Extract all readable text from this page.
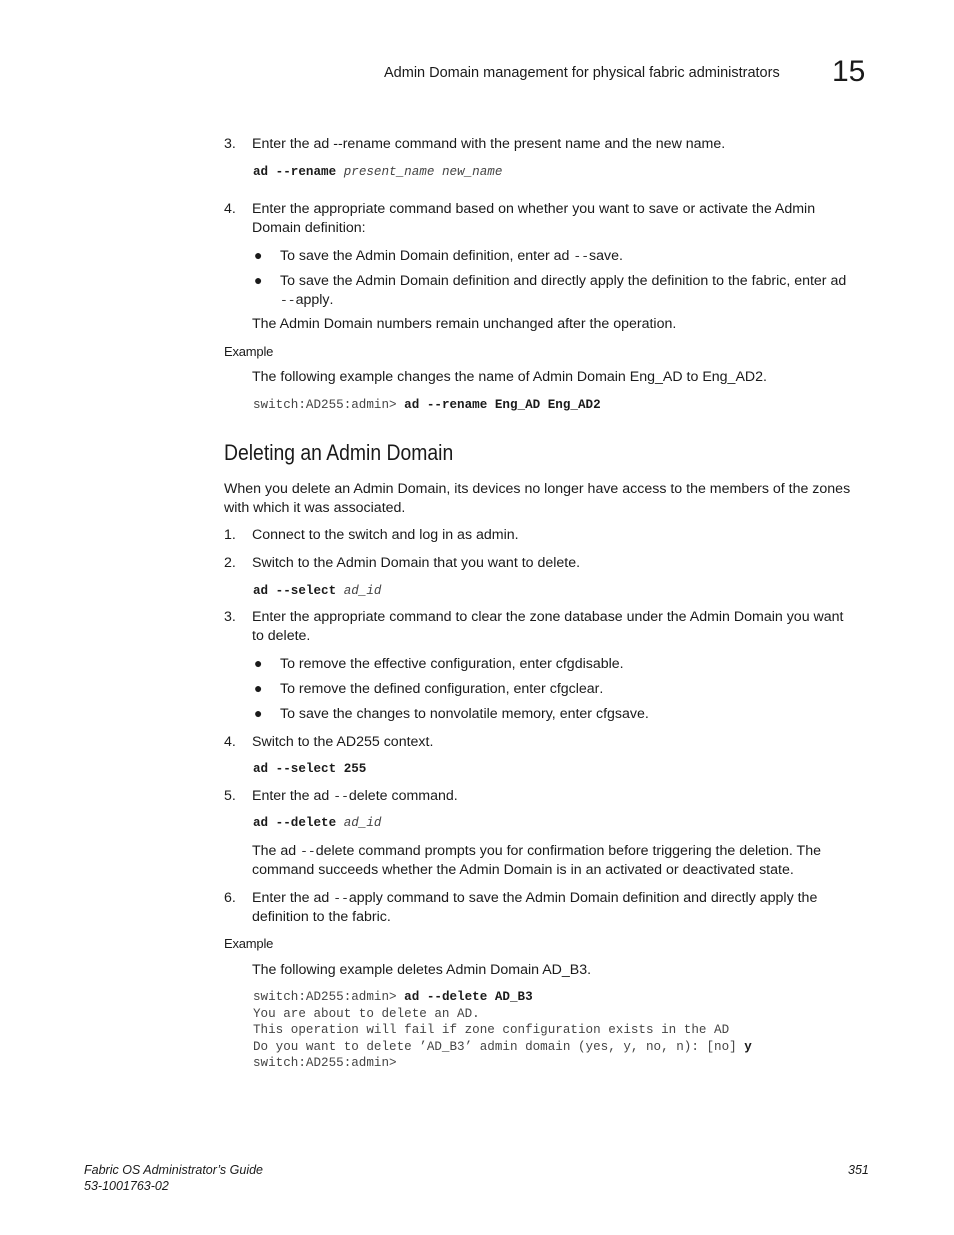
Admin Domain management for physical fabric administrators 15
3. Enter the ad --rename command with the present name and the new name.
ad --rename present_name new_name
4. Enter the appropriate command based on whether you want to save or activate the Admin
Domain definition:
● To save the Admin Domain definition, enter ad --save.
● To save the Admin Domain definition and directly apply the definition to the fabric, enter ad
--apply.
The Admin Domain numbers remain unchanged after the operation.
Example
The following example changes the name of Admin Domain Eng_AD to Eng_AD2.
switch:AD255:admin> ad --rename Eng_AD Eng_AD2
Deleting an Admin Domain
When you delete an Admin Domain, its devices no longer have access to the members of the zones
with which it was associated.
1. Connect to the switch and log in as admin.
2. Switch to the Admin Domain that you want to delete.
ad --select ad_id
3. Enter the appropriate command to clear the zone database under the Admin Domain you want
to delete.
● To remove the effective configuration, enter cfgdisable.
● To remove the defined configuration, enter cfgclear.
● To save the changes to nonvolatile memory, enter cfgsave.
4. Switch to the AD255 context.
ad --select 255
5. Enter the ad --delete command.
ad --delete ad_id
The ad --delete command prompts you for confirmation before triggering the deletion. The
command succeeds whether the Admin Domain is in an activated or deactivated state.
6. Enter the ad --apply command to save the Admin Domain definition and directly apply the
definition to the fabric.
Example
The following example deletes Admin Domain AD_B3.
switch:AD255:admin> ad --delete AD_B3
You are about to delete an AD.
This operation will fail if zone configuration exists in the AD
Do you want to delete ’AD_B3’ admin domain (yes, y, no, n): [no] y
switch:AD255:admin>
Fabric OS Administrator’s Guide
53-1001763-02
351
